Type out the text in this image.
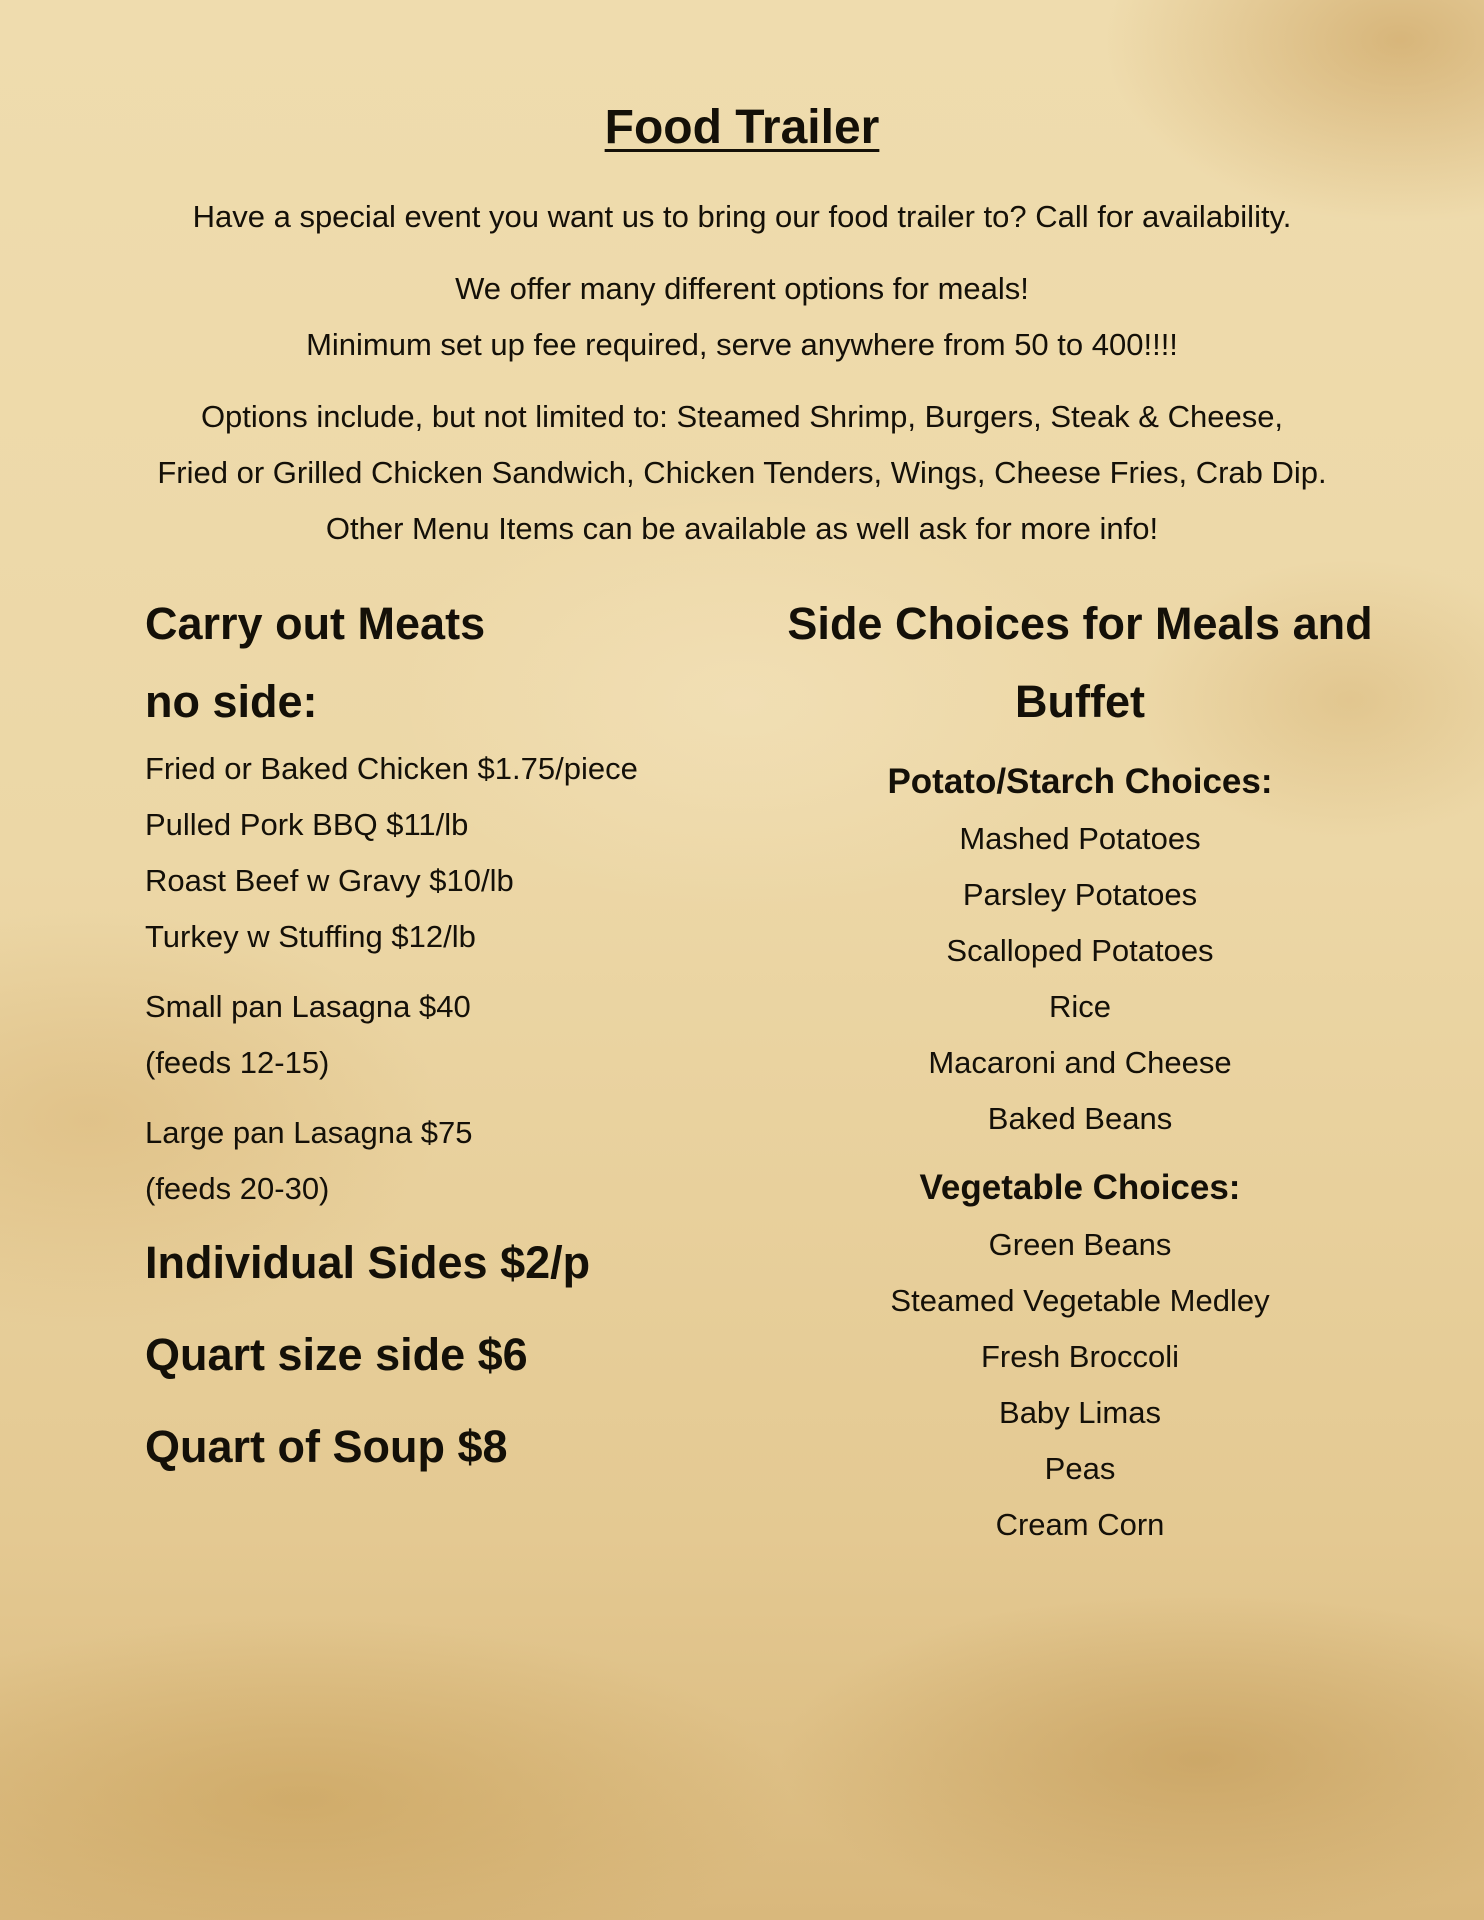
Food Trailer
Have a special event you want us to bring our food trailer to? Call for availability.
We offer many different options for meals!
Minimum set up fee required, serve anywhere from 50 to 400!!!!
Options include, but not limited to: Steamed Shrimp, Burgers, Steak & Cheese,
Fried or Grilled Chicken Sandwich, Chicken Tenders, Wings, Cheese Fries, Crab Dip.
Other Menu Items can be available as well ask for more info!
Carry out Meats
no side:
Fried or Baked Chicken $1.75/piece
Pulled Pork BBQ $11/lb
Roast Beef w Gravy $10/lb
Turkey w Stuffing $12/lb
Small pan Lasagna $40
(feeds 12-15)
Large pan Lasagna $75
(feeds 20-30)
Individual Sides $2/p
Quart size side $6
Quart of Soup $8
Side Choices for Meals and
Buffet
Potato/Starch Choices:
Mashed Potatoes
Parsley Potatoes
Scalloped Potatoes
Rice
Macaroni and Cheese
Baked Beans
Vegetable Choices:
Green Beans
Steamed Vegetable Medley
Fresh Broccoli
Baby Limas
Peas
Cream Corn
